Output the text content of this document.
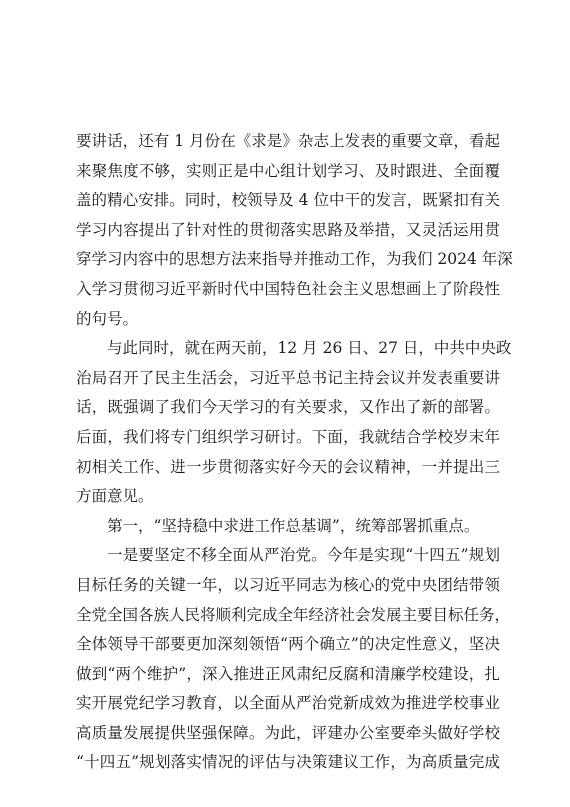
要讲话，还有 1 月份在《求是》杂志上发表的重要文章，看起
来聚焦度不够，实则正是中心组计划学习、及时跟进、全面覆
盖的精心安排。同时，校领导及 4 位中干的发言，既紧扣有关
学习内容提出了针对性的贯彻落实思路及举措，又灵活运用贯
穿学习内容中的思想方法来指导并推动工作，为我们 2024 年深
入学习贯彻习近平新时代中国特色社会主义思想画上了阶段性
的句号。
与此同时，就在两天前，12 月 26 日、27 日，中共中央政
治局召开了民主生活会，习近平总书记主持会议并发表重要讲
话，既强调了我们今天学习的有关要求，又作出了新的部署。
后面，我们将专门组织学习研讨。下面，我就结合学校岁末年
初相关工作、进一步贯彻落实好今天的会议精神，一并提出三
方面意见。
第一，“坚持稳中求进工作总基调”，统筹部署抓重点。
一是要坚定不移全面从严治党。今年是实现“十四五”规划
目标任务的关键一年，以习近平同志为核心的党中央团结带领
全党全国各族人民将顺利完成全年经济社会发展主要目标任务，
全体领导干部要更加深刻领悟“两个确立”的决定性意义，坚决
做到“两个维护”，深入推进正风肃纪反腐和清廉学校建设，扎
实开展党纪学习教育，以全面从严治党新成效为推进学校事业
高质量发展提供坚强保障。为此，评建办公室要牵头做好学校
“十四五”规划落实情况的评估与决策建议工作，为高质量完成
